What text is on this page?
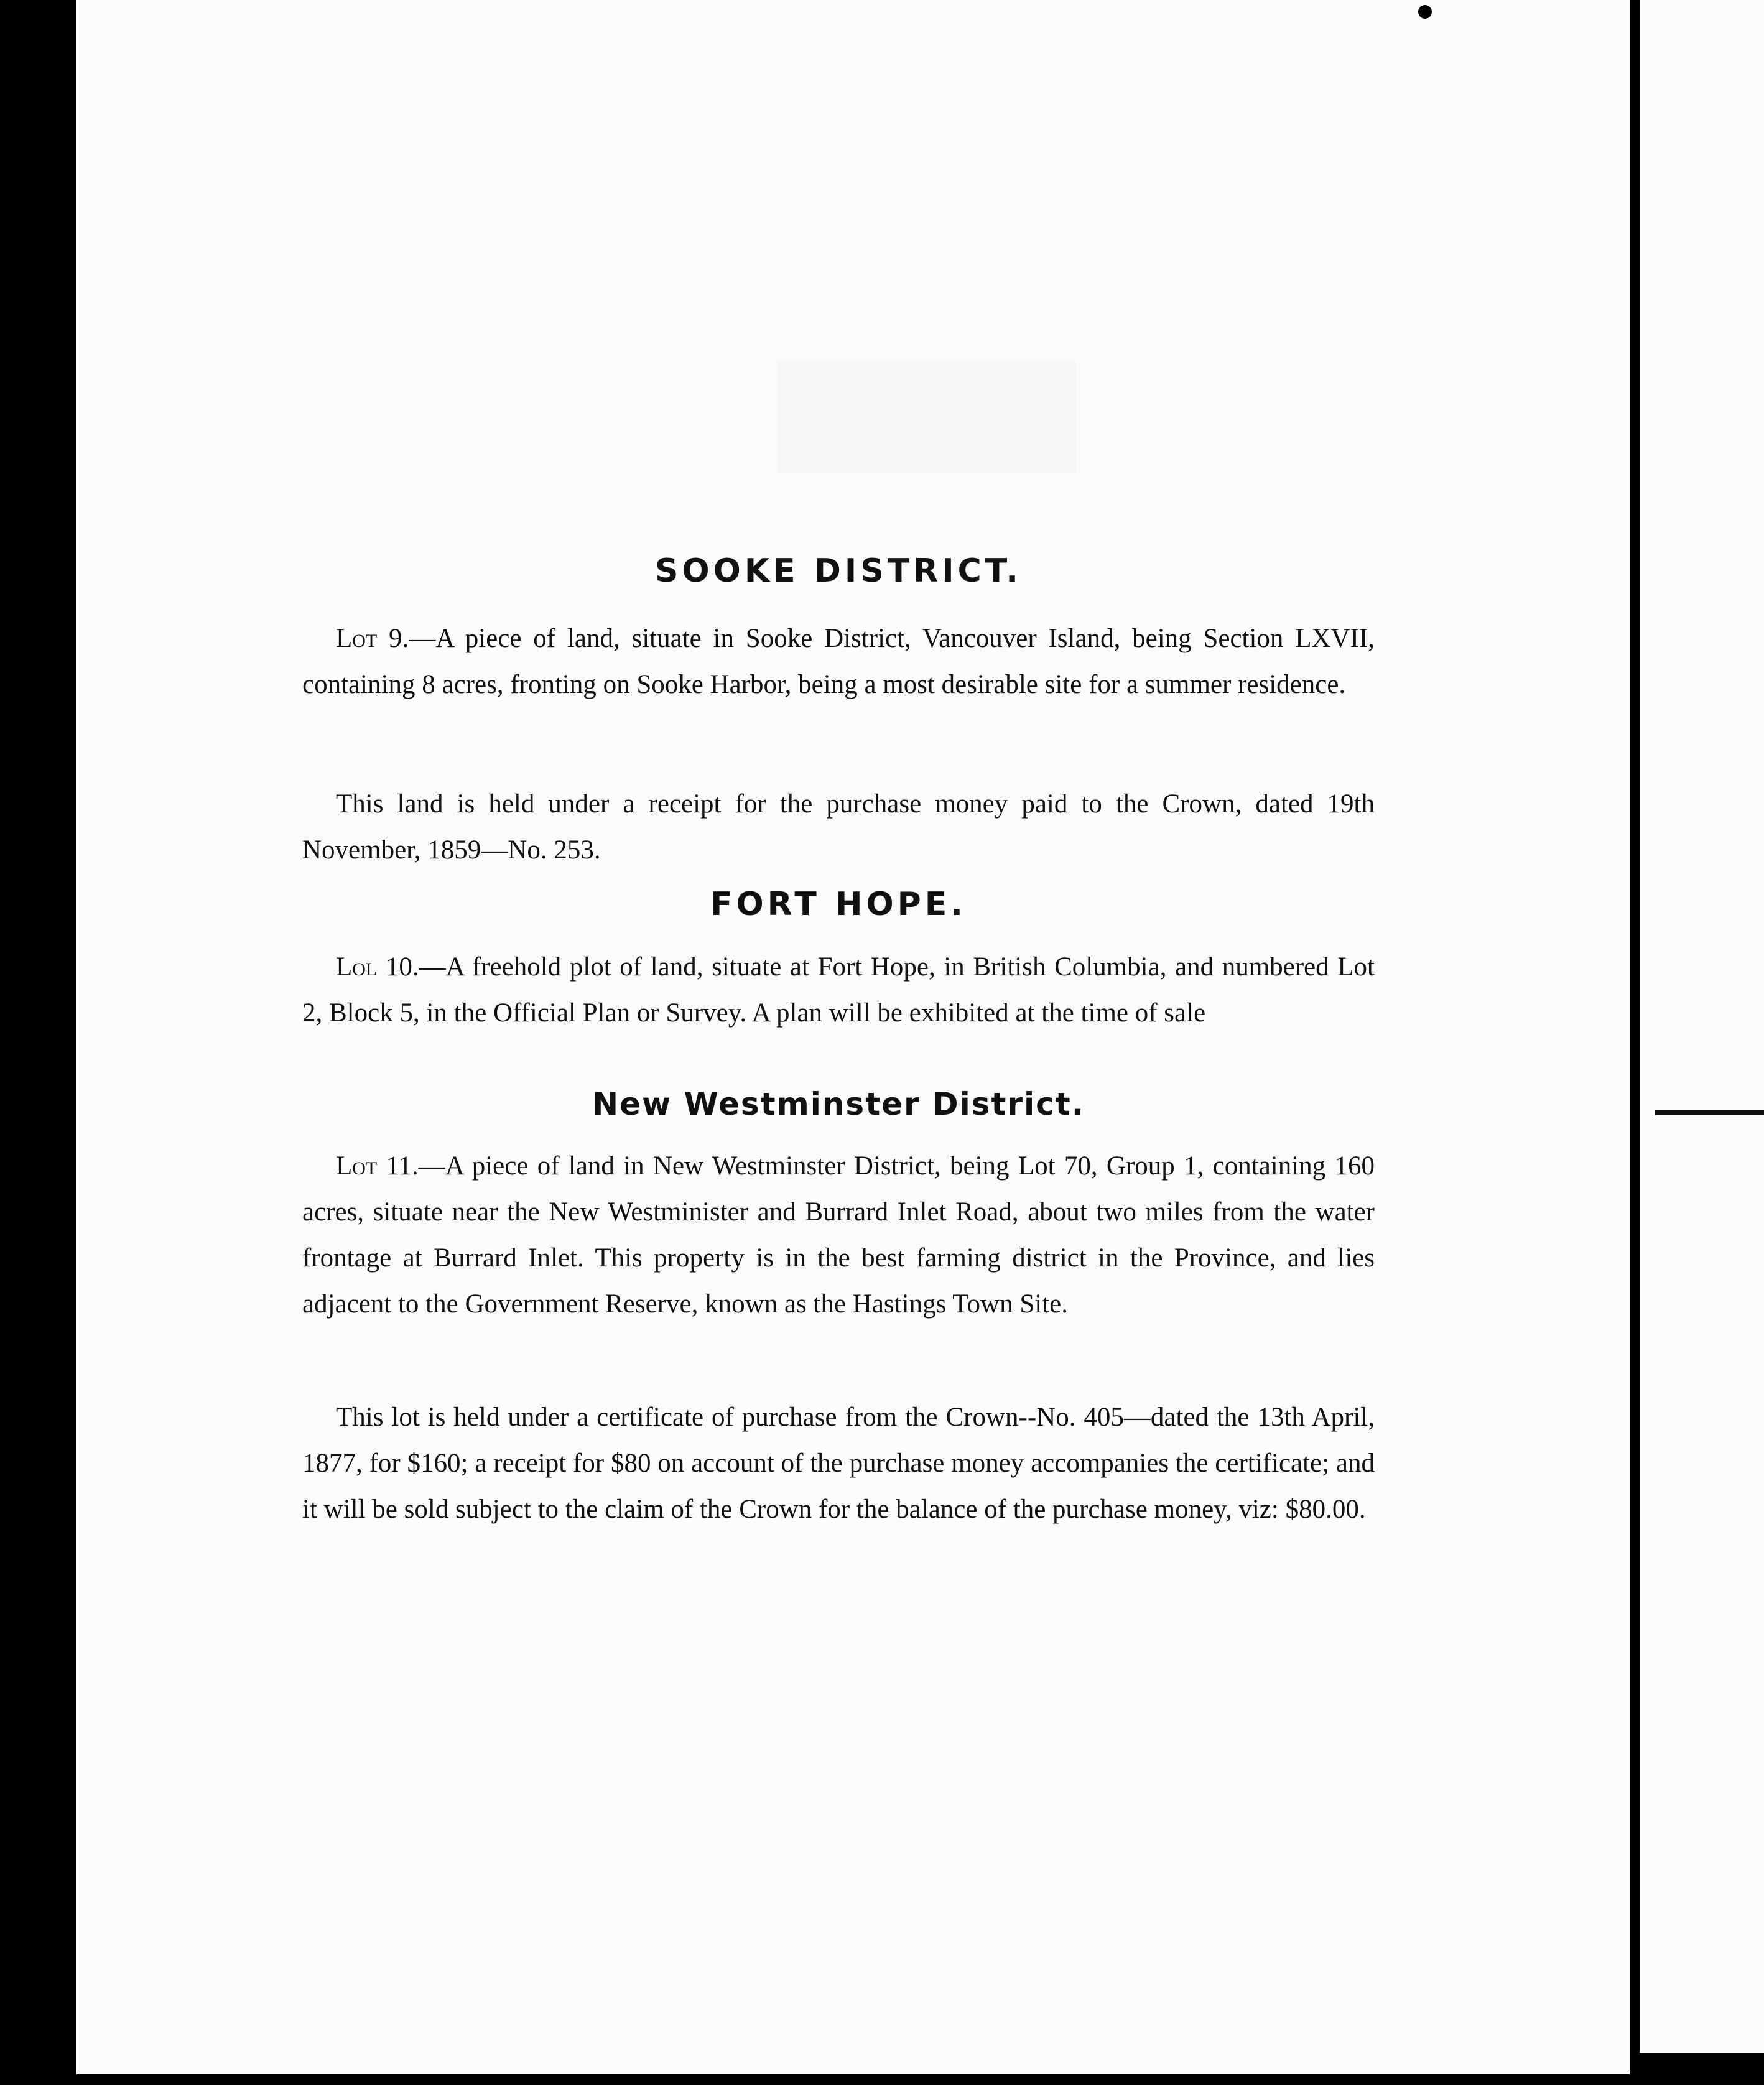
SOOKE DISTRICT.

Lot 9.—A piece of land, situate in Sooke District, Vancouver Island, being Section LXVII, containing 8 acres, fronting on Sooke Harbor, being a most desirable site for a summer residence.

This land is held under a receipt for the purchase money paid to the Crown, dated 19th November, 1859—No. 253.

FORT HOPE.

Lol 10.—A freehold plot of land, situate at Fort Hope, in British Columbia, and numbered Lot 2, Block 5, in the Official Plan or Survey. A plan will be exhibited at the time of sale

New Westminster District.

Lot 11.—A piece of land in New Westminster District, being Lot 70, Group 1, containing 160 acres, situate near the New Westminister and Burrard Inlet Road, about two miles from the water frontage at Burrard Inlet. This property is in the best farming district in the Province, and lies adjacent to the Government Reserve, known as the Hastings Town Site.

This lot is held under a certificate of purchase from the Crown--No. 405—dated the 13th April, 1877, for $160; a receipt for $80 on account of the purchase money accompanies the certificate; and it will be sold subject to the claim of the Crown for the balance of the purchase money, viz: $80.00.
